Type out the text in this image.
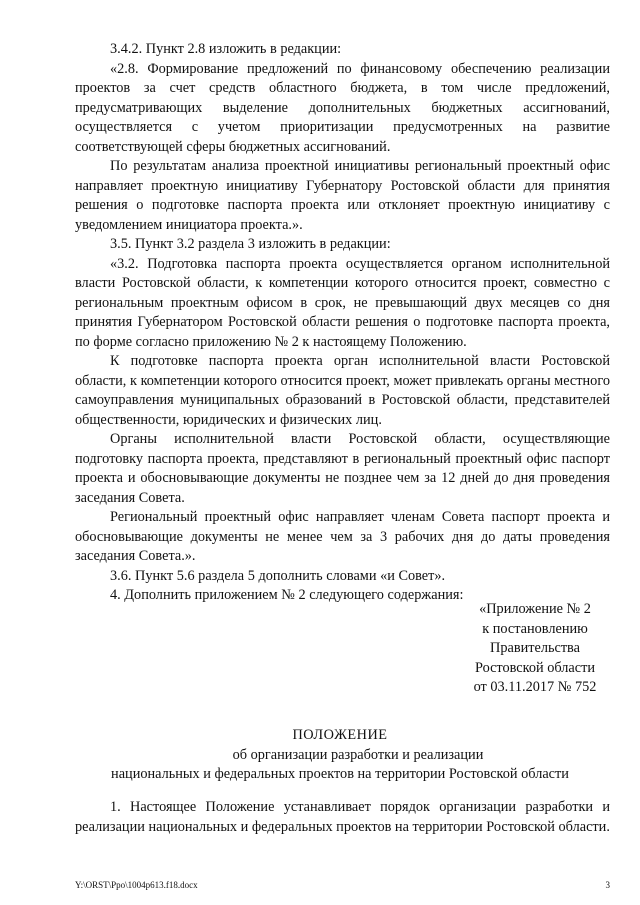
3.4.2. Пункт 2.8 изложить в редакции:

«2.8. Формирование предложений по финансовому обеспечению реализации проектов за счет средств областного бюджета, в том числе предложений, предусматривающих выделение дополнительных бюджетных ассигнований, осуществляется с учетом приоритизации предусмотренных на развитие соответствующей сферы бюджетных ассигнований.

По результатам анализа проектной инициативы региональный проектный офис направляет проектную инициативу Губернатору Ростовской области для принятия решения о подготовке паспорта проекта или отклоняет проектную инициативу с уведомлением инициатора проекта.».

3.5. Пункт 3.2 раздела 3 изложить в редакции:

«3.2. Подготовка паспорта проекта осуществляется органом исполнительной власти Ростовской области, к компетенции которого относится проект, совместно с региональным проектным офисом в срок, не превышающий двух месяцев со дня принятия Губернатором Ростовской области решения о подготовке паспорта проекта, по форме согласно приложению № 2 к настоящему Положению.

К подготовке паспорта проекта орган исполнительной власти Ростовской области, к компетенции которого относится проект, может привлекать органы местного самоуправления муниципальных образований в Ростовской области, представителей общественности, юридических и физических лиц.

Органы исполнительной власти Ростовской области, осуществляющие подготовку паспорта проекта, представляют в региональный проектный офис паспорт проекта и обосновывающие документы не позднее чем за 12 дней до дня проведения заседания Совета.

Региональный проектный офис направляет членам Совета паспорт проекта и обосновывающие документы не менее чем за 3 рабочих дня до даты проведения заседания Совета.».

3.6. Пункт 5.6 раздела 5 дополнить словами «и Совет».

4. Дополнить приложением № 2 следующего содержания:

«Приложение № 2
к постановлению
Правительства
Ростовской области
от 03.11.2017 № 752
ПОЛОЖЕНИЕ
об организации разработки и реализации
национальных и федеральных проектов на территории Ростовской области

1. Настоящее Положение устанавливает порядок организации разработки и реализации национальных и федеральных проектов на территории Ростовской области.

Y:\ORST\Ppo\1004p613.f18.docx	3
